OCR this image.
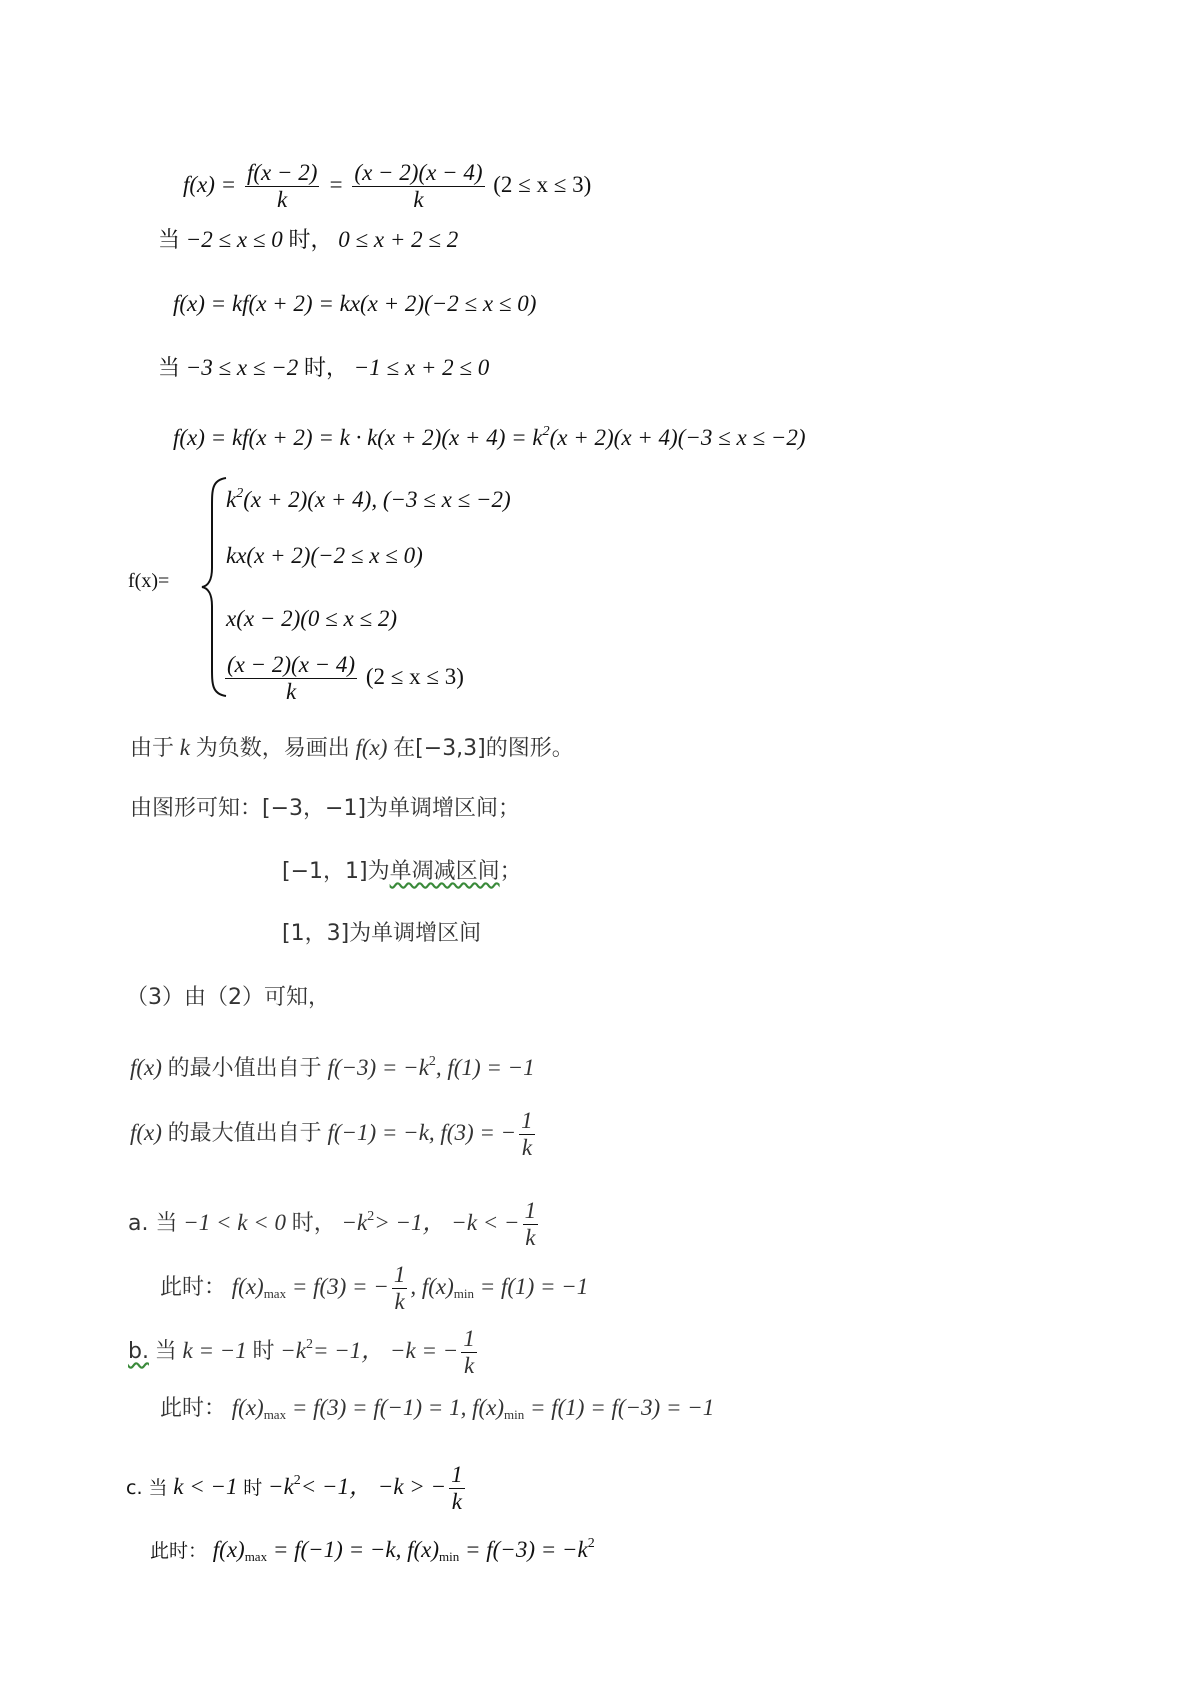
$f(x) = \frac{f(x - 2)}{k} = \frac{(x - 2)(x - 4)}{k} (2 \le x \le 3)$
当 −2 ≤ x ≤ 0 时， 0 ≤ x + 2 ≤ 2
f(x) = kf(x + 2) = kx(x + 2)(−2 ≤ x ≤ 0)
当 −3 ≤ x ≤ −2 时， −1 ≤ x + 2 ≤ 0
$f(x) = kf(x + 2) = k \cdot k(x + 2)(x + 4) = k^2(x + 2)(x + 4)(-3 \le x \le -2)$
f(x)=
$k^2(x + 2)(x + 4)$, (−3 ≤ x ≤ −2)
kx(x + 2)(−2 ≤ x ≤ 0)
x(x − 2)(0 ≤ x ≤ 2)
$\frac{(x - 2)(x - 4)}{k} (2 \le x \le 3)$
由于 k 为负数，易画出 f(x) 在[−3,3]的图形。
由图形可知：[−3，−1]为单调增区间；
[−1，1]为单凋减区间；
[1，3]为单调增区间
（3）由（2）可知，
f(x) 的最小值出自于 $f(-3) = -k^2$, f(1) = −1
f(x) 的最大值出自于 f(−1) = −k, f(3) = − $\frac{1}{k}$
a. 当 −1 < k < 0 时， $-k^2> -1$， −k < − $\frac{1}{k}$
此时： $f(x)_{max} = f(3)$ = − $\frac{1}{k}$ , $f(x)_{min} = f(1) = -1$
b. 当 k = −1 时 $-k^2= -1$， −k = − $\frac{1}{k}$
此时： $f(x)_{max} = f(3) = f(-1) = 1$, $f(x)_{min} = f(1) = f(-3) = -1$
c. 当 k < −1 时 $-k^2< -1$， −k > − $\frac{1}{k}$
此时： $f(x)_{max} = f(-1) = -k$, $f(x)_{min} = f(-3) = -k^2$
